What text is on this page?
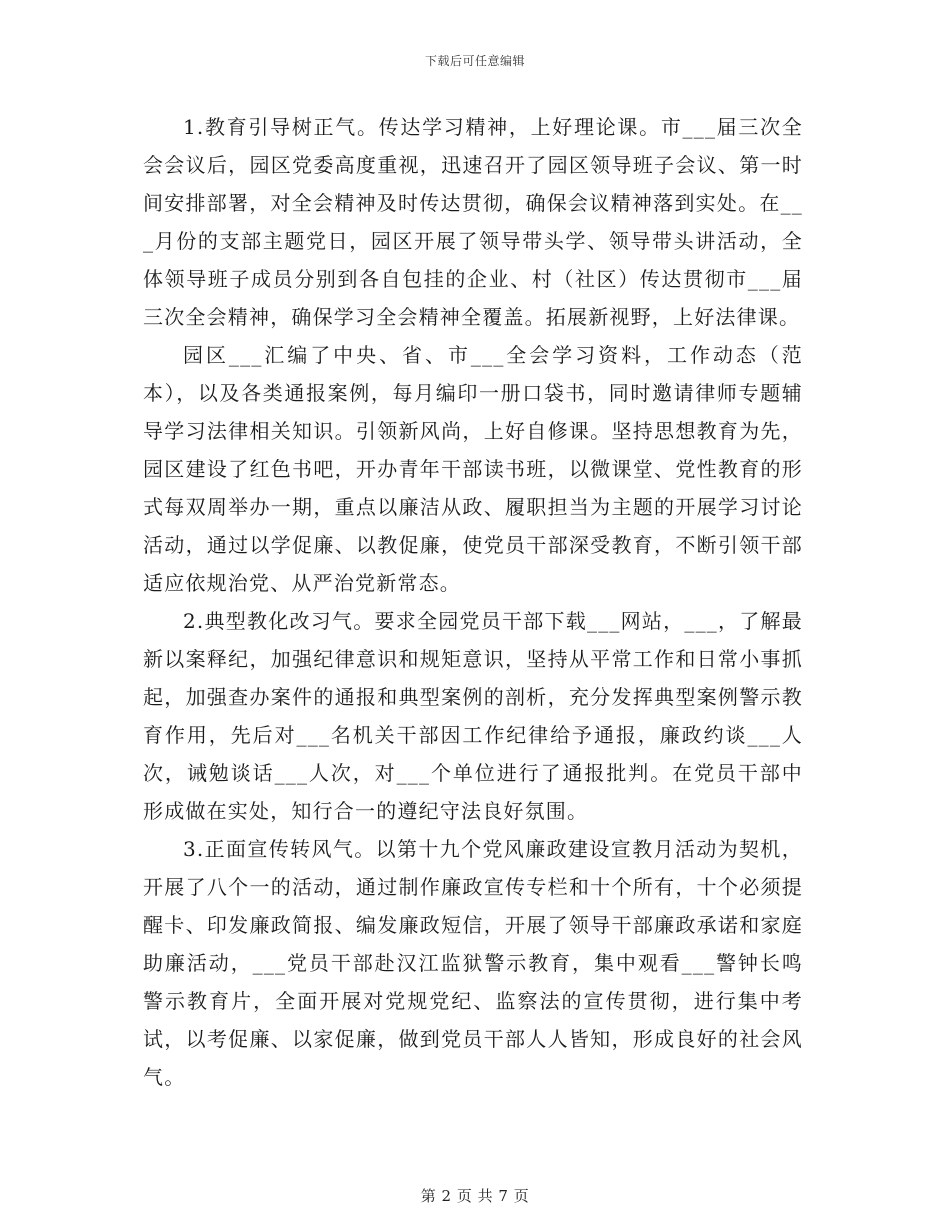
下载后可任意编辑

1.教育引导树正气。传达学习精神，上好理论课。市___届三次全会会议后，园区党委高度重视，迅速召开了园区领导班子会议、第一时间安排部署，对全会精神及时传达贯彻，确保会议精神落到实处。在___月份的支部主题党日，园区开展了领导带头学、领导带头讲活动，全体领导班子成员分别到各自包挂的企业、村（社区）传达贯彻市___届三次全会精神，确保学习全会精神全覆盖。拓展新视野，上好法律课。

园区___汇编了中央、省、市___全会学习资料，工作动态（范本），以及各类通报案例，每月编印一册口袋书，同时邀请律师专题辅导学习法律相关知识。引领新风尚，上好自修课。坚持思想教育为先，园区建设了红色书吧，开办青年干部读书班，以微课堂、党性教育的形式每双周举办一期，重点以廉洁从政、履职担当为主题的开展学习讨论活动，通过以学促廉、以教促廉，使党员干部深受教育，不断引领干部适应依规治党、从严治党新常态。

2.典型教化改习气。要求全园党员干部下载___网站，___，了解最新以案释纪，加强纪律意识和规矩意识，坚持从平常工作和日常小事抓起，加强查办案件的通报和典型案例的剖析，充分发挥典型案例警示教育作用，先后对___名机关干部因工作纪律给予通报，廉政约谈___人次，诫勉谈话___人次，对___个单位进行了通报批判。在党员干部中形成做在实处，知行合一的遵纪守法良好氛围。

3.正面宣传转风气。以第十九个党风廉政建设宣教月活动为契机，开展了八个一的活动，通过制作廉政宣传专栏和十个所有，十个必须提醒卡、印发廉政简报、编发廉政短信，开展了领导干部廉政承诺和家庭助廉活动，___党员干部赴汉江监狱警示教育，集中观看___警钟长鸣警示教育片，全面开展对党规党纪、监察法的宣传贯彻，进行集中考试，以考促廉、以家促廉，做到党员干部人人皆知，形成良好的社会风气。

第 2 页 共 7 页
